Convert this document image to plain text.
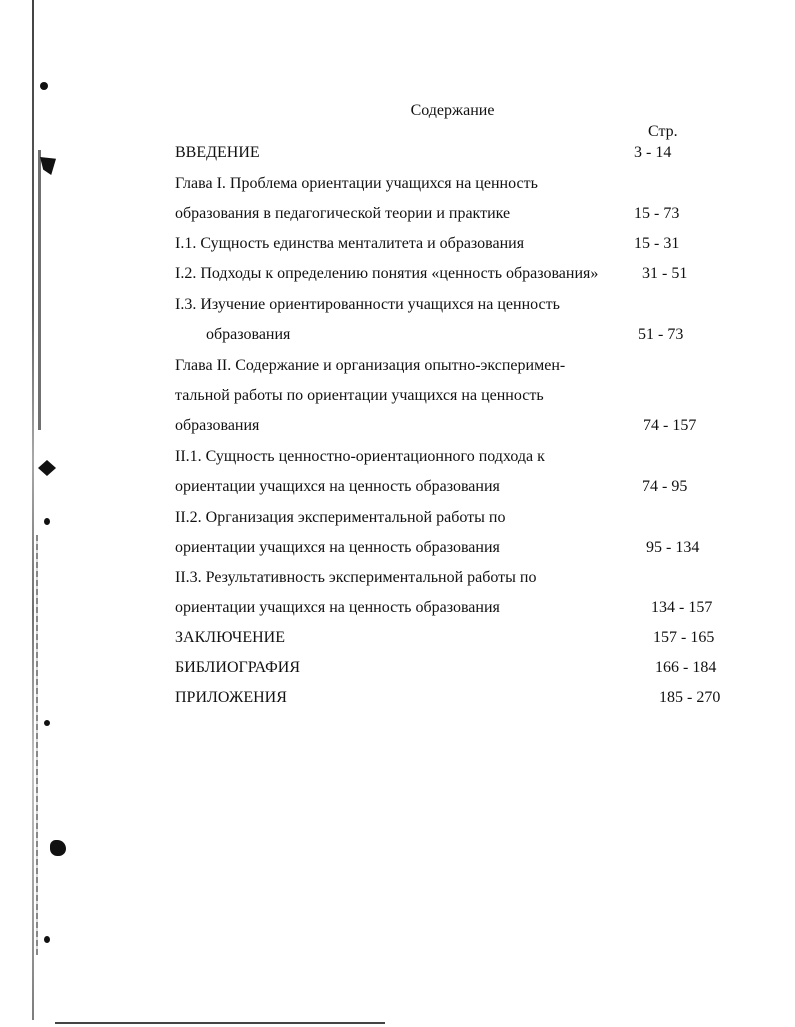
Содержание
Стр.
ВВЕДЕНИЕ	3 - 14
Глава I. Проблема ориентации учащихся на ценность
образования в педагогической теории и практике	15 - 73
I.1. Сущность единства менталитета и образования	15 - 31
I.2. Подходы к определению понятия «ценность образования»	31 - 51
I.3. Изучение ориентированности учащихся на ценность
образования	51 - 73
Глава II. Содержание и организация опытно-эксперимен-
тальной работы по ориентации учащихся на ценность
образования	74 - 157
II.1. Сущность ценностно-ориентационного подхода к
ориентации учащихся на ценность образования	74 - 95
II.2. Организация экспериментальной работы по
ориентации учащихся на ценность образования	95 - 134
II.3. Результативность экспериментальной работы по
ориентации учащихся на ценность образования	134 - 157
ЗАКЛЮЧЕНИЕ	157 - 165
БИБЛИОГРАФИЯ	166 - 184
ПРИЛОЖЕНИЯ	185 - 270
